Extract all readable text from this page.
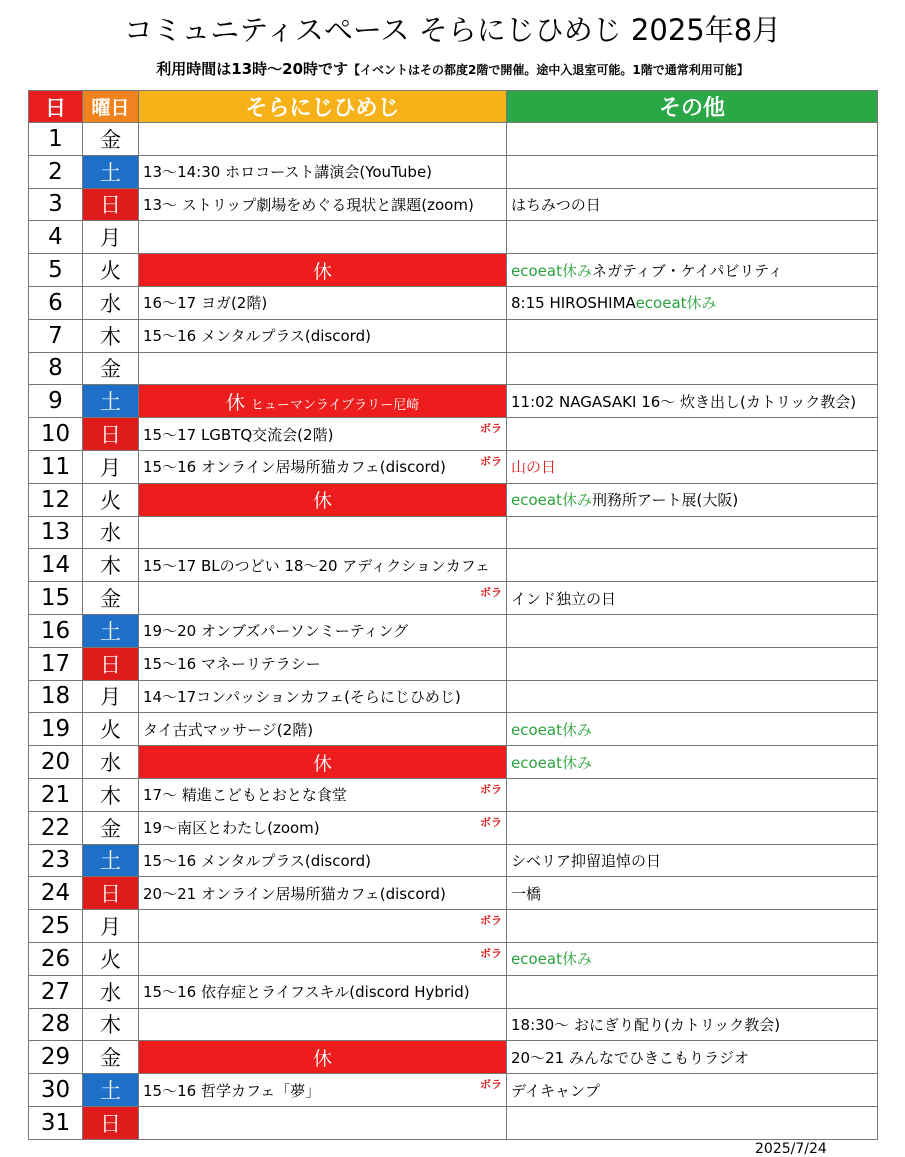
コミュニティスペース そらにじひめじ 2025年8月
利用時間は13時〜20時です【イベントはその都度2階で開催。途中入退室可能。1階で通常利用可能】
日	曜日	そらにじひめじ	その他
1	金		
2	土	13〜14:30 ホロコースト講演会(YouTube)	
3	日	13〜 ストリップ劇場をめぐる現状と課題(zoom)	はちみつの日
4	月		
5	火	休	ecoeat休みネガティブ・ケイパビリティ
6	水	16〜17 ヨガ(2階)	8:15 HIROSHIMAecoeat休み
7	木	15〜16 メンタルプラス(discord)	
8	金		
9	土	休 ヒューマンライブラリー尼崎	11:02 NAGASAKI 16〜 炊き出し(カトリック教会)
10	日	15〜17 LGBTQ交流会(2階) ボラ	

11	月	15〜16 オンライン居場所猫カフェ(discord) ボラ	山の日
12	火	休	ecoeat休み刑務所アート展(大阪)
13	水		
14	木	15〜17 BLのつどい 18〜20 アディクションカフェ	
15	金	ボラ	インド独立の日
16	土	19〜20 オンブズパーソンミーティング	
17	日	15〜16 マネーリテラシー	
18	月	14〜17コンパッションカフェ(そらにじひめじ)	
19	火	タイ古式マッサージ(2階)	ecoeat休み
20	水	休	ecoeat休み
21	木	17〜 精進こどもとおとな食堂 ボラ	

22	金	19〜南区とわたし(zoom) ボラ	

23	土	15〜16 メンタルプラス(discord)	シベリア抑留追悼の日
24	日	20〜21 オンライン居場所猫カフェ(discord)	一橋
25	月	ボラ	

26	火	ボラ	ecoeat休み
27	水	15〜16 依存症とライフスキル(discord Hybrid)	
28	木		18:30〜 おにぎり配り(カトリック教会)
29	金	休	20〜21 みんなでひきこもりラジオ
30	土	15〜16 哲学カフェ「夢」 ボラ	デイキャンプ
31	日		
2025/7/24
